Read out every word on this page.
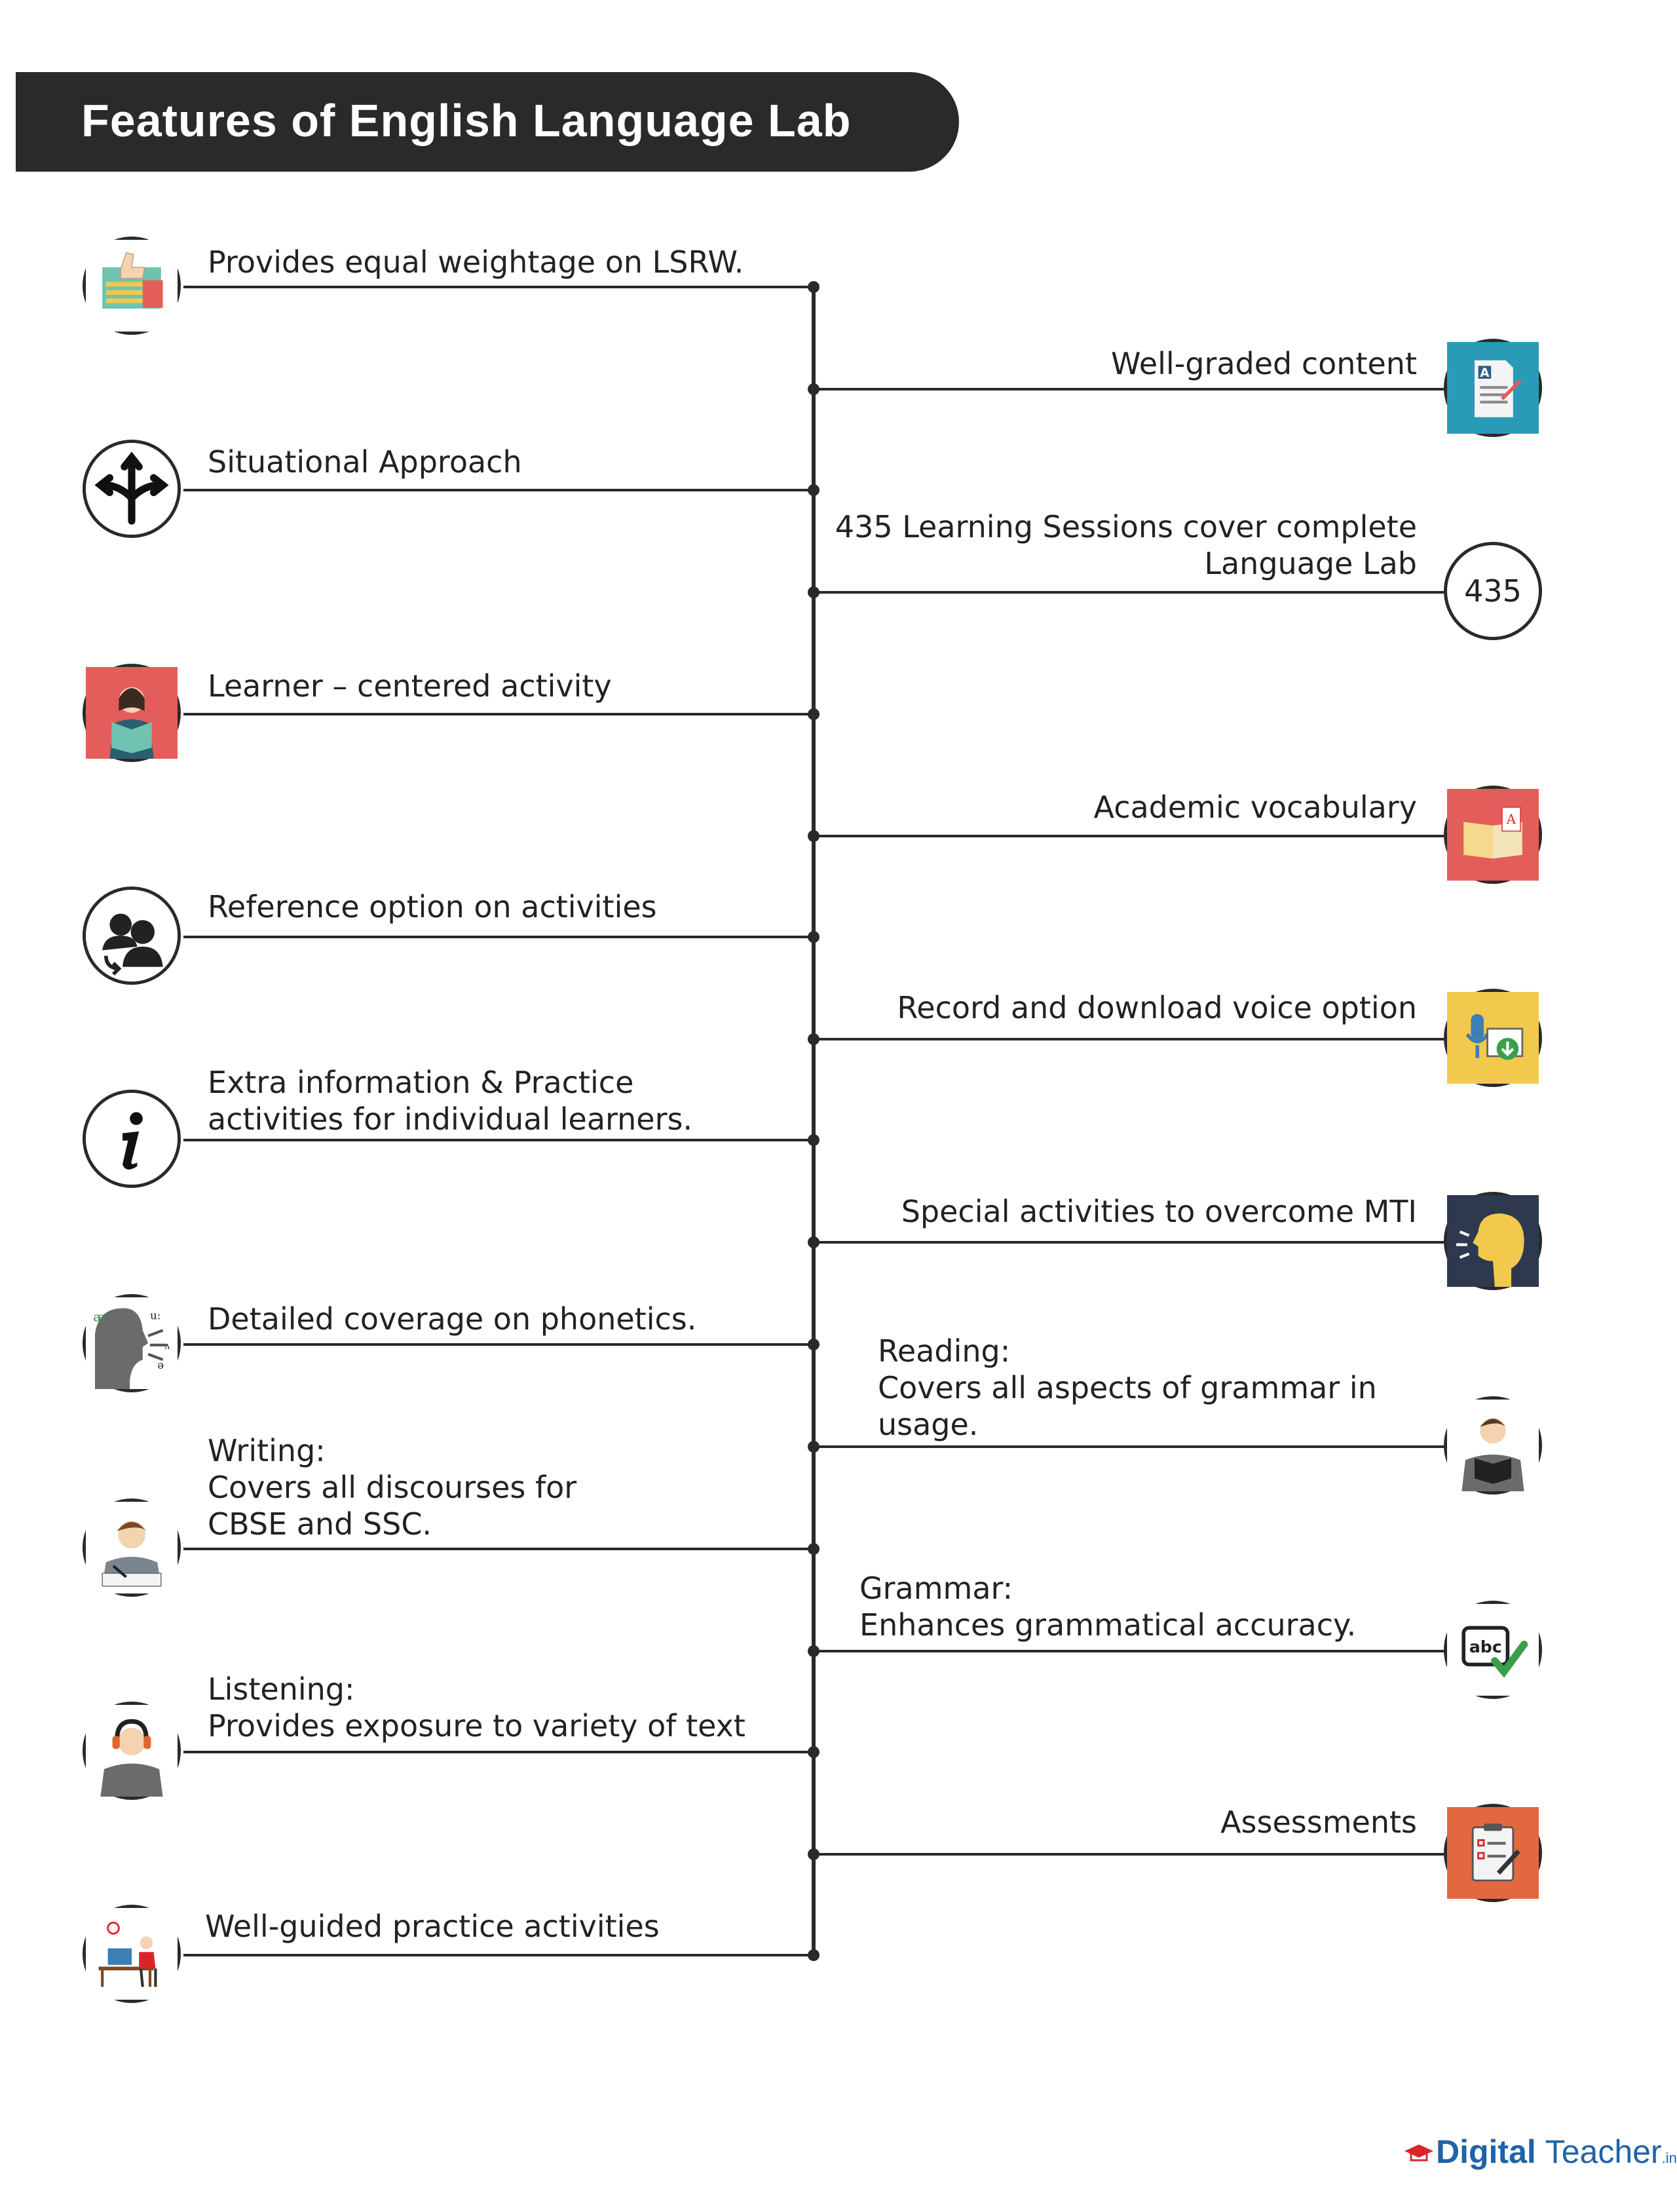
Features of English Language Lab
Provides equal weightage on LSRW.
Situational Approach
Learner – centered activity
Reference option on activities
Extra information & Practice
activities for individual learners.
æ	u:
ʌ
ə
Detailed coverage on phonetics.
Writing:
Covers all discourses for
CBSE and SSC.
Listening:
Provides exposure to variety of text
Well-guided practice activities
A
Well-graded content
435
435 Learning Sessions cover complete
Language Lab
A
Academic vocabulary
Record and download voice option
Special activities to overcome MTI
Reading:
Covers all aspects of grammar in
usage.
abc
Grammar:
Enhances grammatical accuracy.
Assessments
Digital Teacher.in
